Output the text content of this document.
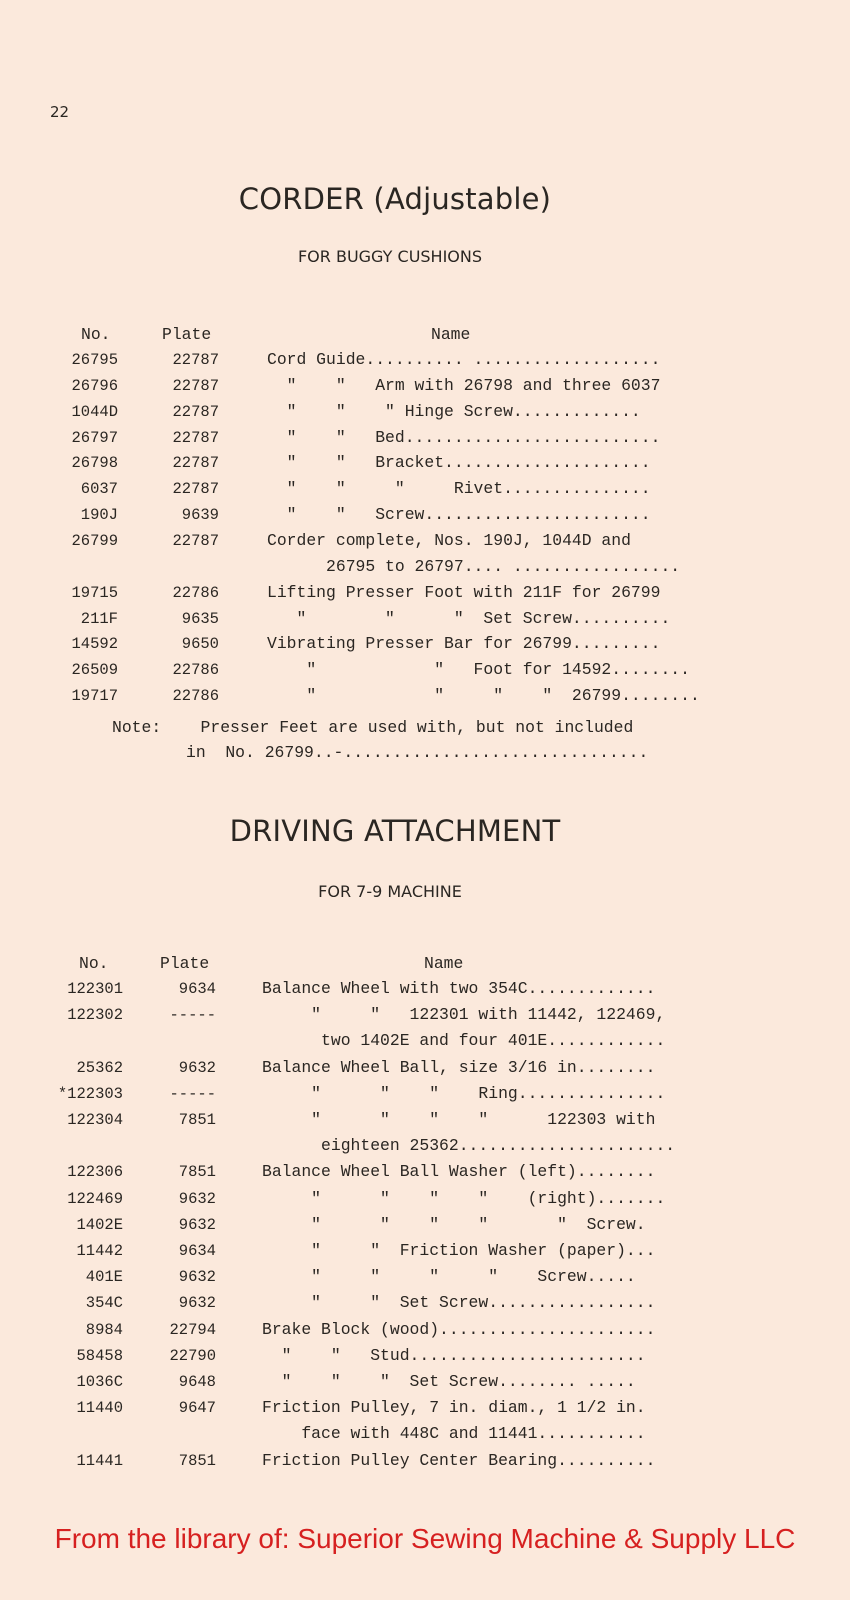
22
CORDER (Adjustable)
FOR BUGGY CUSHIONS
No.	Plate	Name
26795	22787	Cord Guide.......... ...................
26796	22787	"    "   Arm with 26798 and three 6037
1044D	22787	"    "    " Hinge Screw.............
26797	22787	"    "   Bed..........................
26798	22787	"    "   Bracket.....................
6037	22787	"    "     "     Rivet...............
190J	9639	"    "   Screw.......................
26799	22787	Corder complete, Nos. 190J, 1044D and
26795 to 26797.... .................
19715	22786	Lifting Presser Foot with 211F for 26799
211F	9635	"        "      "  Set Screw..........
14592	9650	Vibrating Presser Bar for 26799.........
26509	22786	"            "   Foot for 14592........
19717	22786	"            "     "    "  26799........
Note:    Presser Feet are used with, but not included
in  No. 26799..-...............................
DRIVING ATTACHMENT
FOR 7-9 MACHINE
No.	Plate	Name
122301	9634	Balance Wheel with two 354C.............
122302	-----	"     "   122301 with 11442, 122469,
two 1402E and four 401E............
25362	9632	Balance Wheel Ball, size 3/16 in........
*122303	-----	"      "    "    Ring...............
122304	7851	"      "    "    "      122303 with
eighteen 25362......................
122306	7851	Balance Wheel Ball Washer (left)........
122469	9632	"      "    "    "    (right).......
1402E	9632	"      "    "    "       "  Screw.
11442	9634	"     "  Friction Washer (paper)...
401E	9632	"     "     "     "    Screw.....
354C	9632	"     "  Set Screw.................
8984	22794	Brake Block (wood)......................
58458	22790	"    "   Stud........................
1036C	9648	"    "    "  Set Screw........ .....
11440	9647	Friction Pulley, 7 in. diam., 1 1/2 in.
face with 448C and 11441...........
11441	7851	Friction Pulley Center Bearing..........
From the library of: Superior Sewing Machine & Supply LLC
